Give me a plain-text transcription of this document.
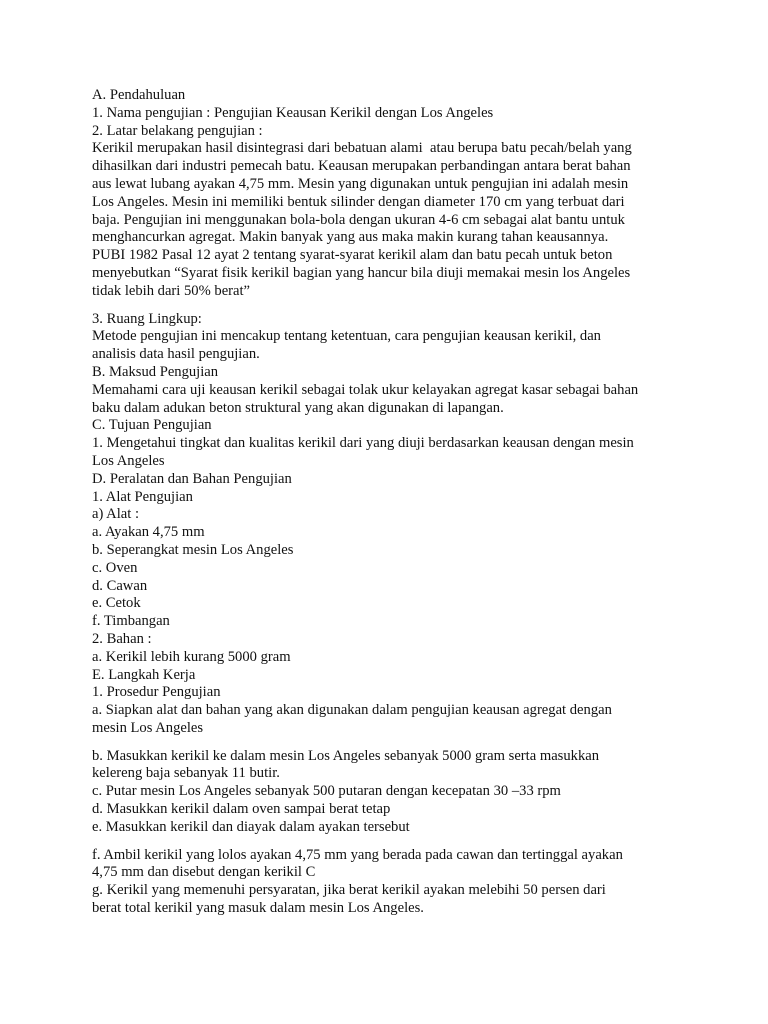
A. Pendahuluan
1. Nama pengujian : Pengujian Keausan Kerikil dengan Los Angeles
2. Latar belakang pengujian :
Kerikil merupakan hasil disintegrasi dari bebatuan alami  atau berupa batu pecah/belah yang
dihasilkan dari industri pemecah batu. Keausan merupakan perbandingan antara berat bahan
aus lewat lubang ayakan 4,75 mm. Mesin yang digunakan untuk pengujian ini adalah mesin
Los Angeles. Mesin ini memiliki bentuk silinder dengan diameter 170 cm yang terbuat dari
baja. Pengujian ini menggunakan bola-bola dengan ukuran 4-6 cm sebagai alat bantu untuk
menghancurkan agregat. Makin banyak yang aus maka makin kurang tahan keausannya.
PUBI 1982 Pasal 12 ayat 2 tentang syarat-syarat kerikil alam dan batu pecah untuk beton
menyebutkan “Syarat fisik kerikil bagian yang hancur bila diuji memakai mesin los Angeles
tidak lebih dari 50% berat”
3. Ruang Lingkup:
Metode pengujian ini mencakup tentang ketentuan, cara pengujian keausan kerikil, dan
analisis data hasil pengujian.
B. Maksud Pengujian
Memahami cara uji keausan kerikil sebagai tolak ukur kelayakan agregat kasar sebagai bahan
baku dalam adukan beton struktural yang akan digunakan di lapangan.
C. Tujuan Pengujian
1. Mengetahui tingkat dan kualitas kerikil dari yang diuji berdasarkan keausan dengan mesin
Los Angeles
D. Peralatan dan Bahan Pengujian
1. Alat Pengujian
a) Alat :
a. Ayakan 4,75 mm
b. Seperangkat mesin Los Angeles
c. Oven
d. Cawan
e. Cetok
f. Timbangan
2. Bahan :
a. Kerikil lebih kurang 5000 gram
E. Langkah Kerja
1. Prosedur Pengujian
a. Siapkan alat dan bahan yang akan digunakan dalam pengujian keausan agregat dengan
mesin Los Angeles
b. Masukkan kerikil ke dalam mesin Los Angeles sebanyak 5000 gram serta masukkan
kelereng baja sebanyak 11 butir.
c. Putar mesin Los Angeles sebanyak 500 putaran dengan kecepatan 30 –33 rpm
d. Masukkan kerikil dalam oven sampai berat tetap
e. Masukkan kerikil dan diayak dalam ayakan tersebut
f. Ambil kerikil yang lolos ayakan 4,75 mm yang berada pada cawan dan tertinggal ayakan
4,75 mm dan disebut dengan kerikil C
g. Kerikil yang memenuhi persyaratan, jika berat kerikil ayakan melebihi 50 persen dari
berat total kerikil yang masuk dalam mesin Los Angeles.
